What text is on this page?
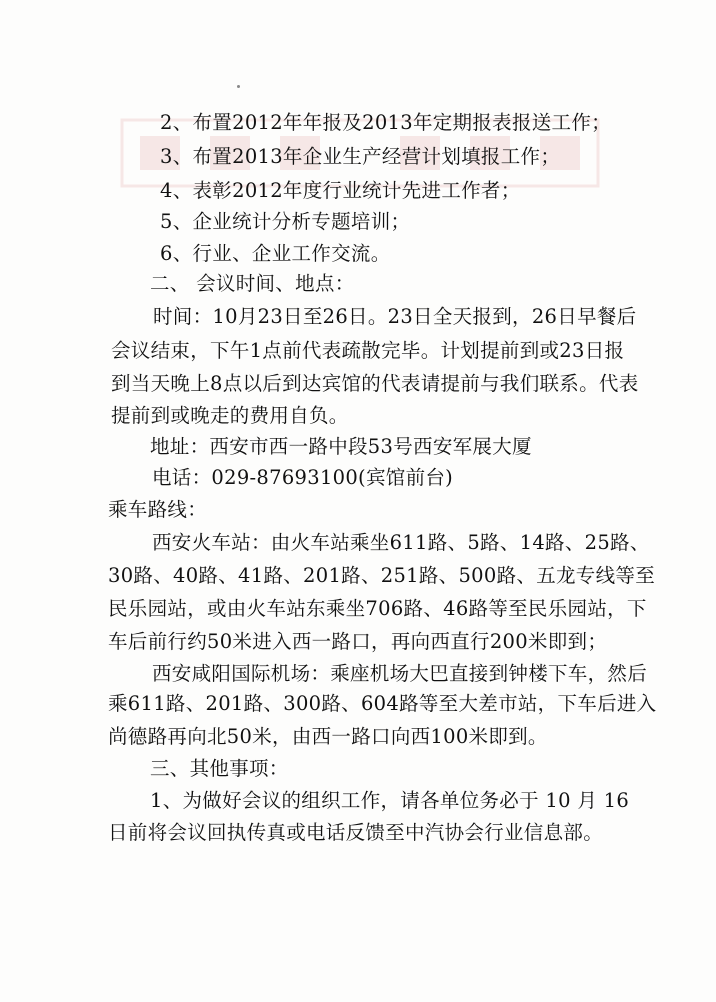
2、布置2012年年报及2013年定期报表报送工作；
3、布置2013年企业生产经营计划填报工作；
4、表彰2012年度行业统计先进工作者；
5、企业统计分析专题培训；
6、行业、企业工作交流。
二、 会议时间、地点：
时间：10月23日至26日。23日全天报到，26日早餐后
会议结束，下午1点前代表疏散完毕。计划提前到或23日报
到当天晚上8点以后到达宾馆的代表请提前与我们联系。代表
提前到或晚走的费用自负。
地址：西安市西一路中段53号西安军展大厦
电话：029-87693100(宾馆前台)
乘车路线：
西安火车站：由火车站乘坐611路、5路、14路、25路、
30路、40路、41路、201路、251路、500路、五龙专线等至
民乐园站，或由火车站东乘坐706路、46路等至民乐园站，下
车后前行约50米进入西一路口，再向西直行200米即到；
西安咸阳国际机场：乘座机场大巴直接到钟楼下车，然后
乘611路、201路、300路、604路等至大差市站，下车后进入
尚德路再向北50米，由西一路口向西100米即到。
三、其他事项：
1、为做好会议的组织工作，请各单位务必于 10 月 16
日前将会议回执传真或电话反馈至中汽协会行业信息部。
